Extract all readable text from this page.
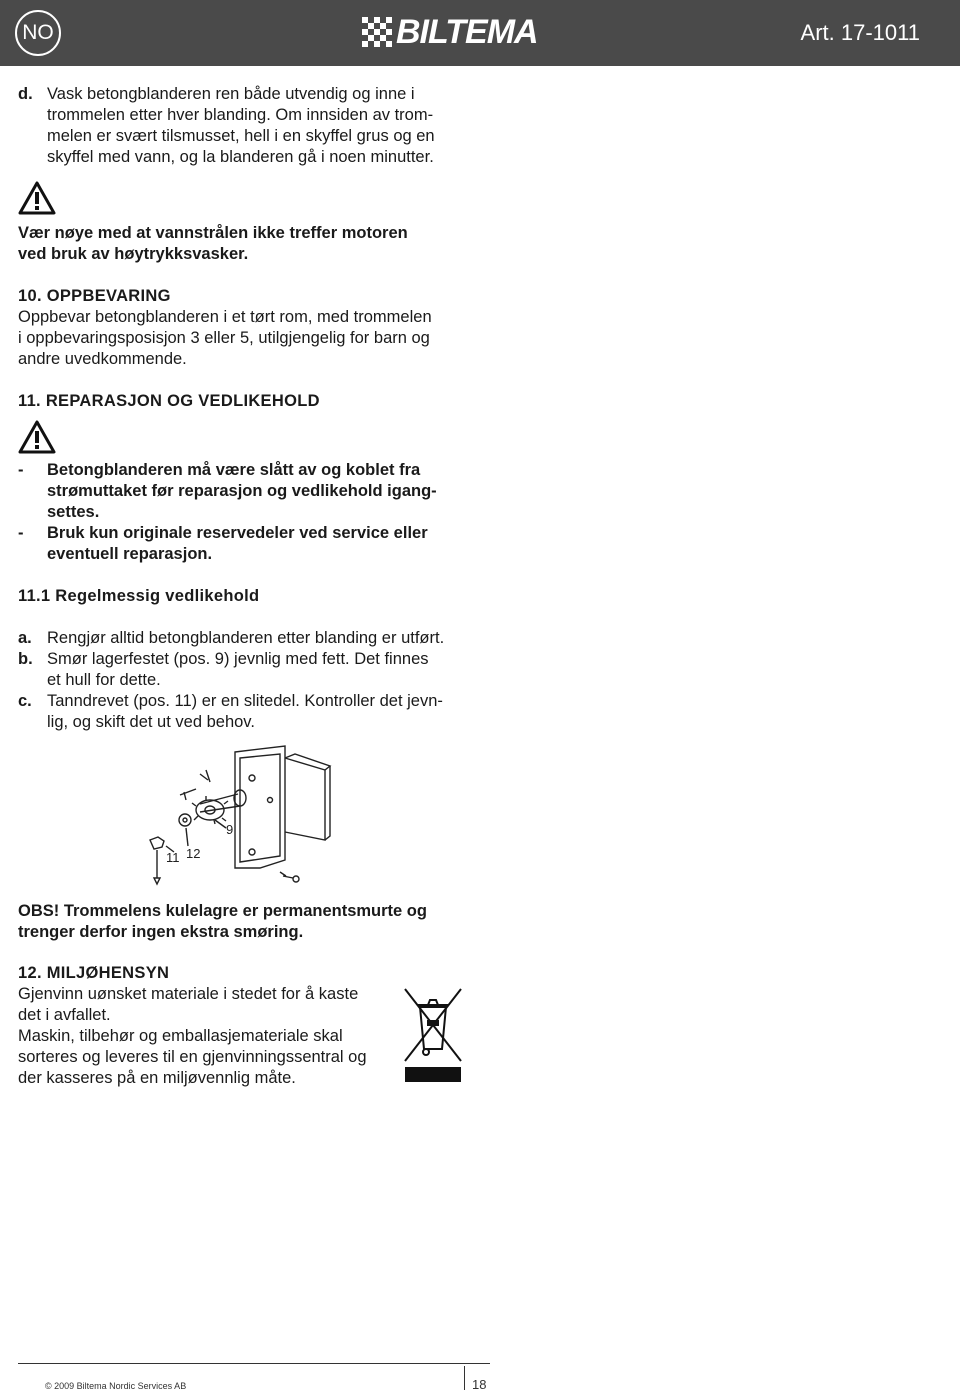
NO	BILTEMA	Art. 17-1011
d. Vask betongblanderen ren både utvendig og inne i
trommelen etter hver blanding. Om innsiden av trom-
melen er svært tilsmusset, hell i en skyffel grus og en
skyffel med vann, og la blanderen gå i noen minutter.
Vær nøye med at vannstrålen ikke treffer motoren
ved bruk av høytrykksvasker.
10. OPPBEVARING
Oppbevar betongblanderen i et tørt rom, med trommelen
i oppbevaringsposisjon 3 eller 5, utilgjengelig for barn og
andre uvedkommende.
11. REPARASJON OG VEDLIKEHOLD
- Betongblanderen må være slått av og koblet fra
strømuttaket før reparasjon og vedlikehold igang-
settes.
- Bruk kun originale reservedeler ved service eller
eventuell reparasjon.
11.1 Regelmessig vedlikehold
a. Rengjør alltid betongblanderen etter blanding er utført.
b. Smør lagerfestet (pos. 9) jevnlig med fett. Det finnes
et hull for dette.
c. Tanndrevet (pos. 11) er en slitedel. Kontroller det jevn-
lig, og skift det ut ved behov.
9
11 12
OBS! Trommelens kulelagre er permanentsmurte og
trenger derfor ingen ekstra smøring.
12. MILJØHENSYN
Gjenvinn uønsket materiale i stedet for å kaste
det i avfallet.
Maskin, tilbehør og emballasjemateriale skal
sorteres og leveres til en gjenvinningssentral og
der kasseres på en miljøvennlig måte.
© 2009 Biltema Nordic Services AB	18
